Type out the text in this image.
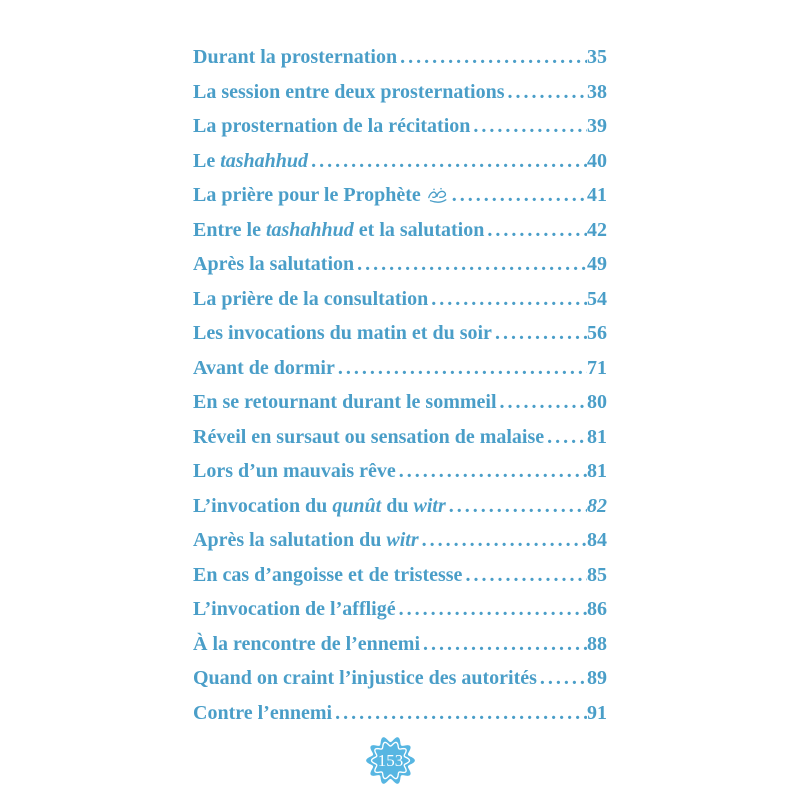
Durant la prosternation .....	35
La session entre deux prosternations .....	38
La prosternation de la récitation .....	39
Le tashahhud .....	40
La prière pour le Prophète .....	41
Entre le tashahhud et la salutation .....	42
Après la salutation .....	49
La prière de la consultation .....	54
Les invocations du matin et du soir .....	56
Avant de dormir .....	71
En se retournant durant le sommeil .....	80
Réveil en sursaut ou sensation de malaise ..... 81
Lors d’un mauvais rêve .....	81
L’invocation du qunût du witr .....	82
Après la salutation du witr .....	84
En cas d’angoisse et de tristesse .....	85
L’invocation de l’affligé .....	86
À la rencontre de l’ennemi .....	88
Quand on craint l’injustice des autorités .....	89
Contre l’ennemi .....	91
153
